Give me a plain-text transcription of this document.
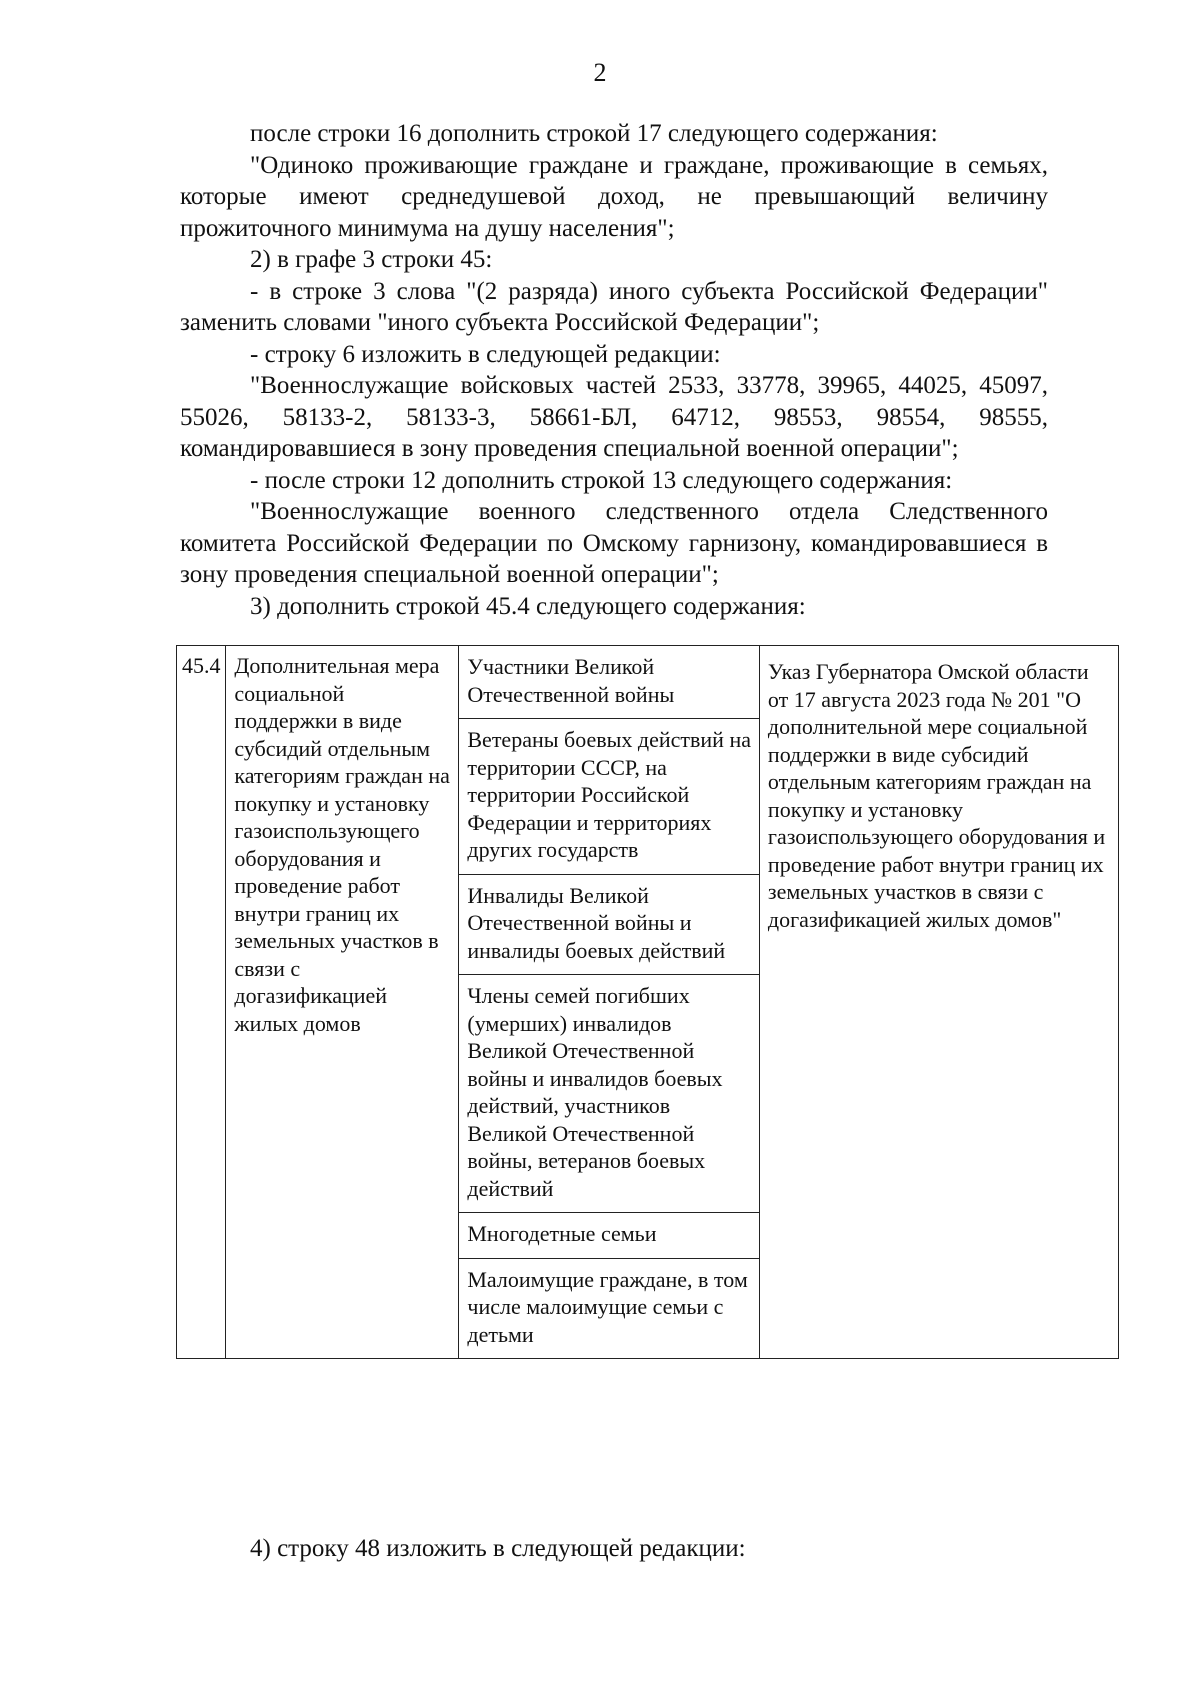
2

после строки 16 дополнить строкой 17 следующего содержания:

"Одиноко проживающие граждане и граждане, проживающие в семьях, которые имеют среднедушевой доход, не превышающий величину прожиточного минимума на душу населения";

2) в графе 3 строки 45:

- в строке 3 слова "(2 разряда) иного субъекта Российской Федерации" заменить словами "иного субъекта Российской Федерации";

- строку 6 изложить в следующей редакции:

"Военнослужащие войсковых частей 2533, 33778, 39965, 44025, 45097, 55026, 58133-2, 58133-3, 58661-БЛ, 64712, 98553, 98554, 98555, командировавшиеся в зону проведения специальной военной операции";

- после строки 12 дополнить строкой 13 следующего содержания:

"Военнослужащие военного следственного отдела Следственного комитета Российской Федерации по Омскому гарнизону, командировавшиеся в зону проведения специальной военной операции";

3) дополнить строкой 45.4 следующего содержания:

45.4	Дополнительная мера социальной поддержки в виде субсидий отдельным категориям граждан на покупку и установку газоиспользующего оборудования и проведение работ внутри границ их земельных участков в связи с догазификацией жилых домов	Участники Великой Отечественной войны	Указ Губернатора Омской области от 17 августа 2023 года № 201 "О дополнительной мере социальной поддержки в виде субсидий отдельным категориям граждан на покупку и установку газоиспользующего оборудования и проведение работ внутри границ их земельных участков в связи с догазификацией жилых домов"
Ветераны боевых действий на территории СССР, на территории Российской Федерации и территориях других государств
Инвалиды Великой Отечественной войны и инвалиды боевых действий
Члены семей погибших (умерших) инвалидов Великой Отечественной войны и инвалидов боевых действий, участников Великой Отечественной войны, ветеранов боевых действий
Многодетные семьи
Малоимущие граждане, в том числе малоимущие семьи с детьми
4) строку 48 изложить в следующей редакции:
